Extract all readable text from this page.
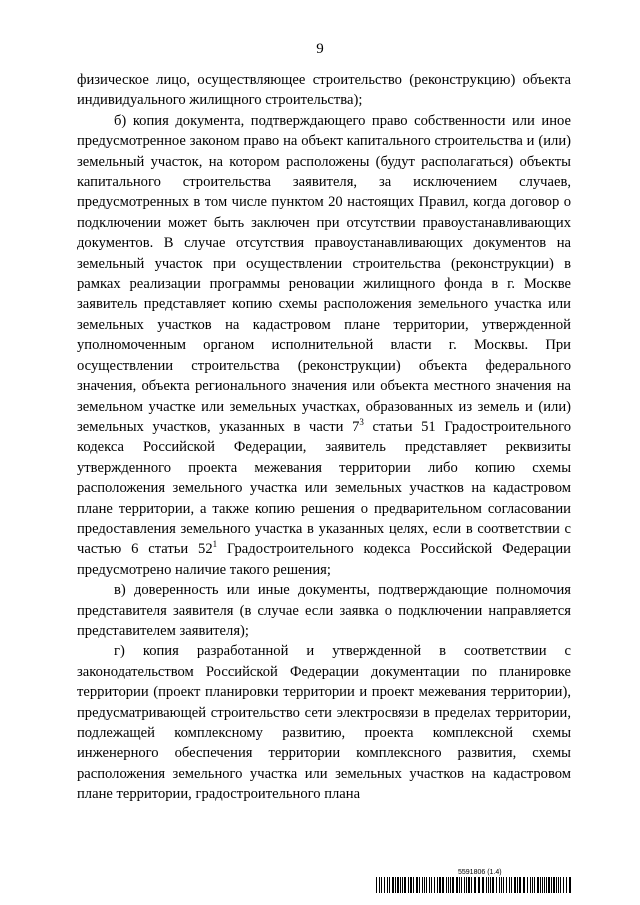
9

физическое лицо, осуществляющее строительство (реконструкцию) объекта индивидуального жилищного строительства);

б) копия документа, подтверждающего право собственности или иное предусмотренное законом право на объект капитального строительства и (или) земельный участок, на котором расположены (будут располагаться) объекты капитального строительства заявителя, за исключением случаев, предусмотренных в том числе пунктом 20 настоящих Правил, когда договор о подключении может быть заключен при отсутствии правоустанавливающих документов. В случае отсутствия правоустанавливающих документов на земельный участок при осуществлении строительства (реконструкции) в рамках реализации программы реновации жилищного фонда в г. Москве заявитель представляет копию схемы расположения земельного участка или земельных участков на кадастровом плане территории, утвержденной уполномоченным органом исполнительной власти г. Москвы. При осуществлении строительства (реконструкции) объекта федерального значения, объекта регионального значения или объекта местного значения на земельном участке или земельных участках, образованных из земель и (или) земельных участков, указанных в части $7^3$ статьи 51 Градостроительного кодекса Российской Федерации, заявитель представляет реквизиты утвержденного проекта межевания территории либо копию схемы расположения земельного участка или земельных участков на кадастровом плане территории, а также копию решения о предварительном согласовании предоставления земельного участка в указанных целях, если в соответствии с частью 6 статьи $52^1$ Градостроительного кодекса Российской Федерации предусмотрено наличие такого решения;

в) доверенность или иные документы, подтверждающие полномочия представителя заявителя (в случае если заявка о подключении направляется представителем заявителя);

г) копия разработанной и утвержденной в соответствии с законодательством Российской Федерации документации по планировке территории (проект планировки территории и проект межевания территории), предусматривающей строительство сети электросвязи в пределах территории, подлежащей комплексному развитию, проекта комплексной схемы инженерного обеспечения территории комплексного развития, схемы расположения земельного участка или земельных участков на кадастровом плане территории, градостроительного плана

5591806 (1.4)
